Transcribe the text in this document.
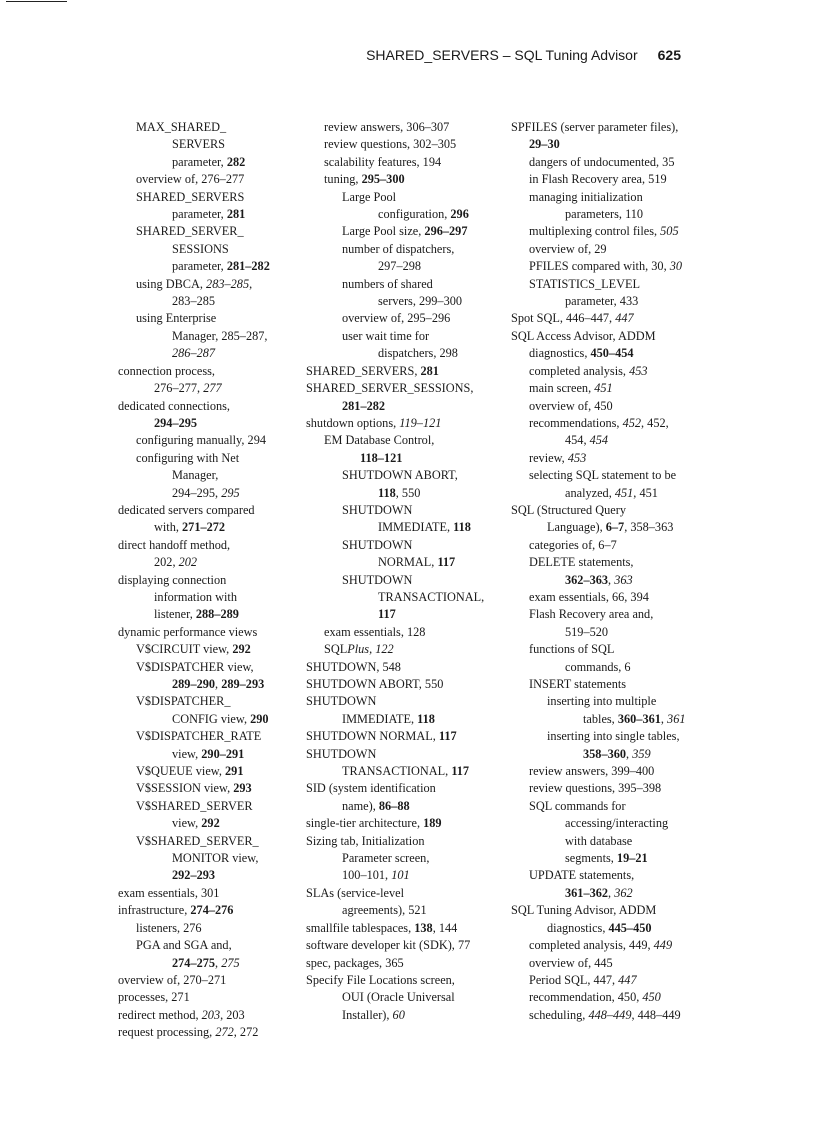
SHARED_SERVERS – SQL Tuning Advisor 625
MAX_SHARED_
SERVERS
parameter, 282
overview of, 276–277
SHARED_SERVERS
parameter, 281
SHARED_SERVER_
SESSIONS
parameter, 281–282
using DBCA, 283–285,
283–285
using Enterprise
Manager, 285–287,
286–287
connection process,
276–277, 277
dedicated connections,
294–295
configuring manually, 294
configuring with Net
Manager,
294–295, 295
dedicated servers compared
with, 271–272
direct handoff method,
202, 202
displaying connection
information with
listener, 288–289
dynamic performance views
V$CIRCUIT view, 292
V$DISPATCHER view,
289–290, 289–293
V$DISPATCHER_
CONFIG view, 290
V$DISPATCHER_RATE
view, 290–291
V$QUEUE view, 291
V$SESSION view, 293
V$SHARED_SERVER
view, 292
V$SHARED_SERVER_
MONITOR view,
292–293
exam essentials, 301
infrastructure, 274–276
listeners, 276
PGA and SGA and,
274–275, 275
overview of, 270–271
processes, 271
redirect method, 203, 203
request processing, 272, 272
review answers, 306–307
review questions, 302–305
scalability features, 194
tuning, 295–300
Large Pool
configuration, 296
Large Pool size, 296–297
number of dispatchers,
297–298
numbers of shared
servers, 299–300
overview of, 295–296
user wait time for
dispatchers, 298
SHARED_SERVERS, 281
SHARED_SERVER_SESSIONS,
281–282
shutdown options, 119–121
EM Database Control,
118–121
SHUTDOWN ABORT,
118, 550
SHUTDOWN
IMMEDIATE, 118
SHUTDOWN
NORMAL, 117
SHUTDOWN
TRANSACTIONAL,
117
exam essentials, 128
SQLPlus, 122
SHUTDOWN, 548
SHUTDOWN ABORT, 550
SHUTDOWN
IMMEDIATE, 118
SHUTDOWN NORMAL, 117
SHUTDOWN
TRANSACTIONAL, 117
SID (system identification
name), 86–88
single-tier architecture, 189
Sizing tab, Initialization
Parameter screen,
100–101, 101
SLAs (service-level
agreements), 521
smallfile tablespaces, 138, 144
software developer kit (SDK), 77
spec, packages, 365
Specify File Locations screen,
OUI (Oracle Universal
Installer), 60
SPFILES (server parameter files),
29–30
dangers of undocumented, 35
in Flash Recovery area, 519
managing initialization
parameters, 110
multiplexing control files, 505
overview of, 29
PFILES compared with, 30, 30
STATISTICS_LEVEL
parameter, 433
Spot SQL, 446–447, 447
SQL Access Advisor, ADDM
diagnostics, 450–454
completed analysis, 453
main screen, 451
overview of, 450
recommendations, 452, 452,
454, 454
review, 453
selecting SQL statement to be
analyzed, 451, 451
SQL (Structured Query
Language), 6–7, 358–363
categories of, 6–7
DELETE statements,
362–363, 363
exam essentials, 66, 394
Flash Recovery area and,
519–520
functions of SQL
commands, 6
INSERT statements
inserting into multiple
tables, 360–361, 361
inserting into single tables,
358–360, 359
review answers, 399–400
review questions, 395–398
SQL commands for
accessing/interacting
with database
segments, 19–21
UPDATE statements,
361–362, 362
SQL Tuning Advisor, ADDM
diagnostics, 445–450
completed analysis, 449, 449
overview of, 445
Period SQL, 447, 447
recommendation, 450, 450
scheduling, 448–449, 448–449
